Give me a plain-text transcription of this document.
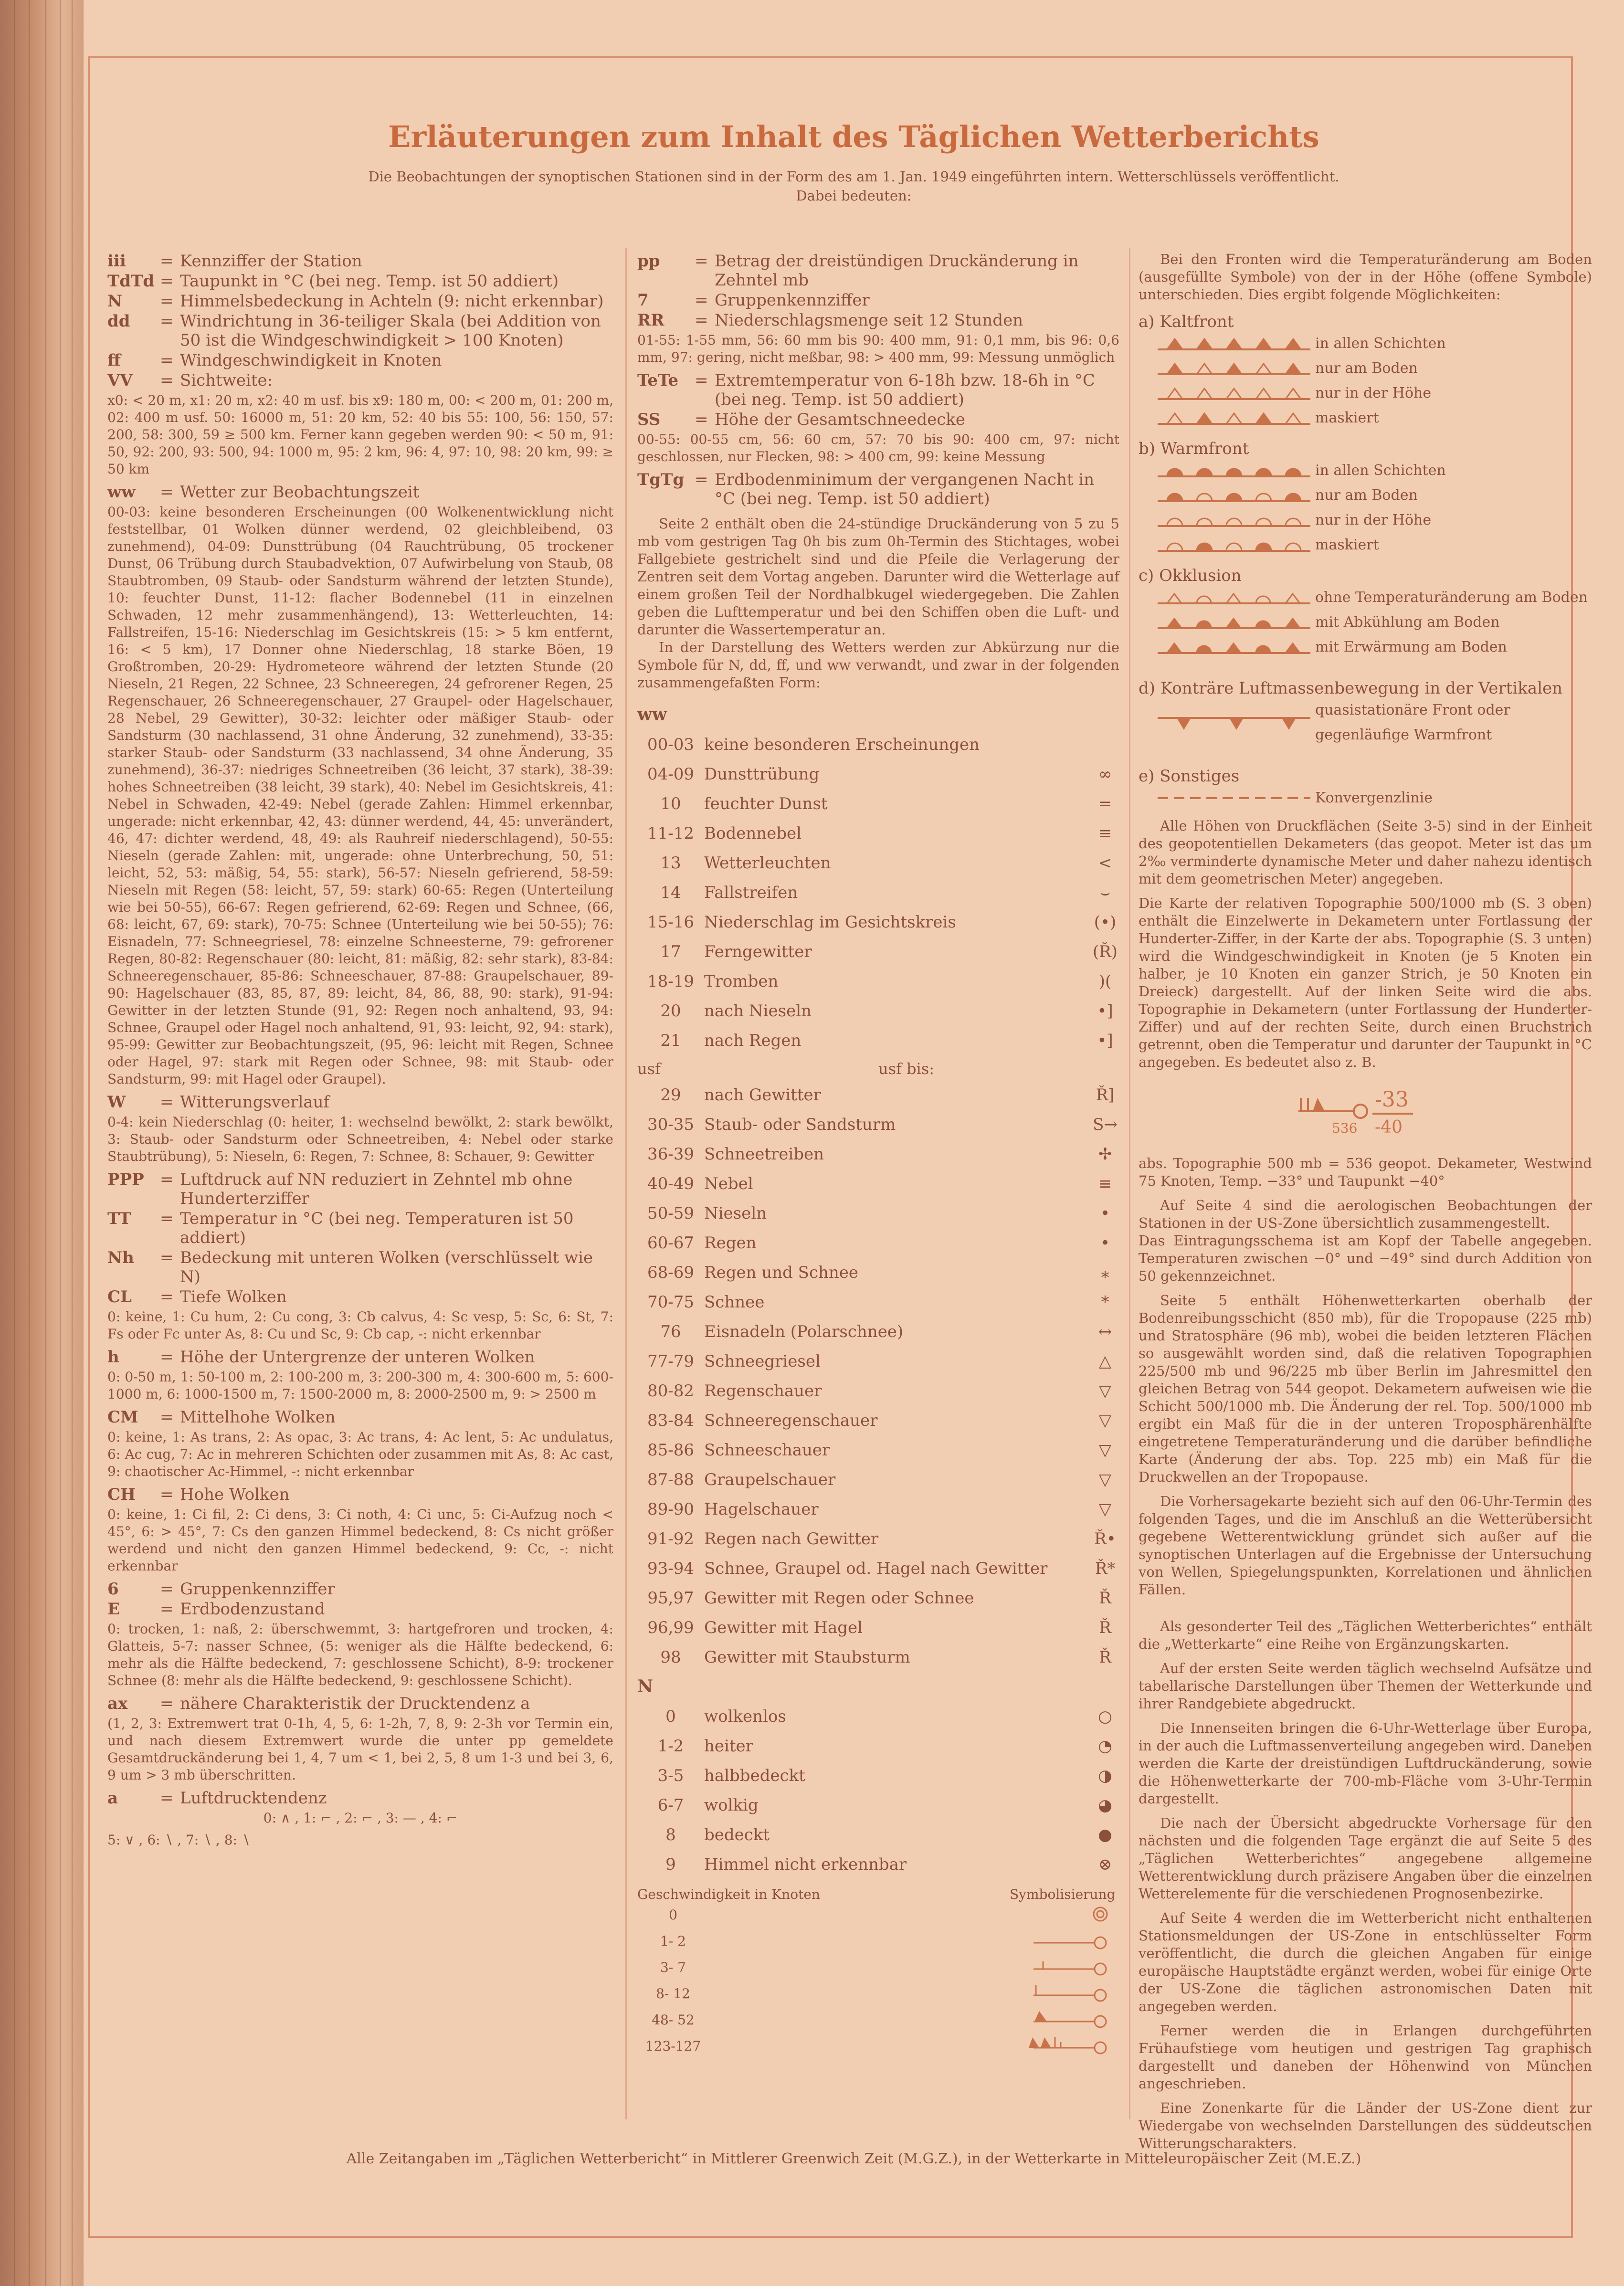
Erläuterungen zum Inhalt des Täglichen Wetterberichts
Die Beobachtungen der synoptischen Stationen sind in der Form des am 1. Jan. 1949 eingeführten intern. Wetterschlüssels veröffentlicht.
Dabei bedeuten:
iii	= Kennziffer der Station
TdTd = Taupunkt in °C (bei neg. Temp. ist 50 addiert)
N	= Himmelsbedeckung in Achteln (9: nicht erkennbar)
dd	= Windrichtung in 36-teiliger Skala (bei Addition von 50 ist die Windgeschwindigkeit > 100 Knoten)
ff	= Windgeschwindigkeit in Knoten
VV	= Sichtweite:
x0: < 20 m, x1: 20 m, x2: 40 m usf. bis x9: 180 m, 00: < 200 m, 01: 200 m, 02: 400 m usf. 50: 16000 m, 51: 20 km, 52: 40 bis 55: 100, 56: 150, 57: 200, 58: 300, 59 ≥ 500 km. Ferner kann gegeben werden 90: < 50 m, 91: 50, 92: 200, 93: 500, 94: 1000 m, 95: 2 km, 96: 4, 97: 10, 98: 20 km, 99: ≥ 50 km
ww	= Wetter zur Beobachtungszeit
00-03: keine besonderen Erscheinungen (00 Wolkenentwicklung nicht feststellbar, 01 Wolken dünner werdend, 02 gleichbleibend, 03 zunehmend), 04-09: Dunsttrübung (04 Rauchtrübung, 05 trockener Dunst, 06 Trübung durch Staubadvektion, 07 Aufwirbelung von Staub, 08 Staubtromben, 09 Staub- oder Sandsturm während der letzten Stunde), 10: feuchter Dunst, 11-12: flacher Bodennebel (11 in einzelnen Schwaden, 12 mehr zusammenhängend), 13: Wetterleuchten, 14: Fallstreifen, 15-16: Niederschlag im Gesichtskreis (15: > 5 km entfernt, 16: < 5 km), 17 Donner ohne Niederschlag, 18 starke Böen, 19 Großtromben, 20-29: Hydrometeore während der letzten Stunde (20 Nieseln, 21 Regen, 22 Schnee, 23 Schneeregen, 24 gefrorener Regen, 25 Regenschauer, 26 Schneeregenschauer, 27 Graupel- oder Hagelschauer, 28 Nebel, 29 Gewitter), 30-32: leichter oder mäßiger Staub- oder Sandsturm (30 nachlassend, 31 ohne Änderung, 32 zunehmend), 33-35: starker Staub- oder Sandsturm (33 nachlassend, 34 ohne Änderung, 35 zunehmend), 36-37: niedriges Schneetreiben (36 leicht, 37 stark), 38-39: hohes Schneetreiben (38 leicht, 39 stark), 40: Nebel im Gesichtskreis, 41: Nebel in Schwaden, 42-49: Nebel (gerade Zahlen: Himmel erkennbar, ungerade: nicht erkennbar, 42, 43: dünner werdend, 44, 45: unverändert, 46, 47: dichter werdend, 48, 49: als Rauhreif niederschlagend), 50-55: Nieseln (gerade Zahlen: mit, ungerade: ohne Unterbrechung, 50, 51: leicht, 52, 53: mäßig, 54, 55: stark), 56-57: Nieseln gefrierend, 58-59: Nieseln mit Regen (58: leicht, 57, 59: stark) 60-65: Regen (Unterteilung wie bei 50-55), 66-67: Regen gefrierend, 62-69: Regen und Schnee, (66, 68: leicht, 67, 69: stark), 70-75: Schnee (Unterteilung wie bei 50-55); 76: Eisnadeln, 77: Schneegriesel, 78: einzelne Schneesterne, 79: gefrorener Regen, 80-82: Regenschauer (80: leicht, 81: mäßig, 82: sehr stark), 83-84: Schneeregenschauer, 85-86: Schneeschauer, 87-88: Graupelschauer, 89-90: Hagelschauer (83, 85, 87, 89: leicht, 84, 86, 88, 90: stark), 91-94: Gewitter in der letzten Stunde (91, 92: Regen noch anhaltend, 93, 94: Schnee, Graupel oder Hagel noch anhaltend, 91, 93: leicht, 92, 94: stark), 95-99: Gewitter zur Beobachtungszeit, (95, 96: leicht mit Regen, Schnee oder Hagel, 97: stark mit Regen oder Schnee, 98: mit Staub- oder Sandsturm, 99: mit Hagel oder Graupel).
W	= Witterungsverlauf
0-4: kein Niederschlag (0: heiter, 1: wechselnd bewölkt, 2: stark bewölkt, 3: Staub- oder Sandsturm oder Schneetreiben, 4: Nebel oder starke Staubtrübung), 5: Nieseln, 6: Regen, 7: Schnee, 8: Schauer, 9: Gewitter
PPP = Luftdruck auf NN reduziert in Zehntel mb ohne Hunderterziffer
TT	= Temperatur in °C (bei neg. Temperaturen ist 50 addiert)
Nh	= Bedeckung mit unteren Wolken (verschlüsselt wie N)
CL	= Tiefe Wolken
0: keine, 1: Cu hum, 2: Cu cong, 3: Cb calvus, 4: Sc vesp, 5: Sc, 6: St, 7: Fs oder Fc unter As, 8: Cu und Sc, 9: Cb cap, -: nicht erkennbar
h	= Höhe der Untergrenze der unteren Wolken
0: 0-50 m, 1: 50-100 m, 2: 100-200 m, 3: 200-300 m, 4: 300-600 m, 5: 600-1000 m, 6: 1000-1500 m, 7: 1500-2000 m, 8: 2000-2500 m, 9: > 2500 m
CM	= Mittelhohe Wolken
0: keine, 1: As trans, 2: As opac, 3: Ac trans, 4: Ac lent, 5: Ac undulatus, 6: Ac cug, 7: Ac in mehreren Schichten oder zusammen mit As, 8: Ac cast, 9: chaotischer Ac-Himmel, -: nicht erkennbar
CH	= Hohe Wolken
0: keine, 1: Ci fil, 2: Ci dens, 3: Ci noth, 4: Ci unc, 5: Ci-Aufzug noch < 45°, 6: > 45°, 7: Cs den ganzen Himmel bedeckend, 8: Cs nicht größer werdend und nicht den ganzen Himmel bedeckend, 9: Cc, -: nicht erkennbar
6	= Gruppenkennziffer
E	= Erdbodenzustand
0: trocken, 1: naß, 2: überschwemmt, 3: hartgefroren und trocken, 4: Glatteis, 5-7: nasser Schnee, (5: weniger als die Hälfte bedeckend, 6: mehr als die Hälfte bedeckend, 7: geschlossene Schicht), 8-9: trockener Schnee (8: mehr als die Hälfte bedeckend, 9: geschlossene Schicht).
ax	= nähere Charakteristik der Drucktendenz a
(1, 2, 3: Extremwert trat 0-1h, 4, 5, 6: 1-2h, 7, 8, 9: 2-3h vor Termin ein, und nach diesem Extremwert wurde die unter pp gemeldete Gesamtdruckänderung bei 1, 4, 7 um < 1, bei 2, 5, 8 um 1-3 und bei 3, 6, 9 um > 3 mb überschritten.
a	= Luftdrucktendenz
0: ∧ , 1: ⌐ , 2: ⌐ , 3: — , 4: ⌐
5: ∨ , 6: ∖ , 7: ∖ , 8: ∖
pp	= Betrag der dreistündigen Druckänderung in Zehntel mb
7	= Gruppenkennziffer
RR	= Niederschlagsmenge seit 12 Stunden
01-55: 1-55 mm, 56: 60 mm bis 90: 400 mm, 91: 0,1 mm, bis 96: 0,6 mm, 97: gering, nicht meßbar, 98: > 400 mm, 99: Messung unmöglich
TeTe = Extremtemperatur von 6-18h bzw. 18-6h in °C (bei neg. Temp. ist 50 addiert)
SS	= Höhe der Gesamtschneedecke
00-55: 00-55 cm, 56: 60 cm, 57: 70 bis 90: 400 cm, 97: nicht geschlossen, nur Flecken, 98: > 400 cm, 99: keine Messung
TgTg = Erdbodenminimum der vergangenen Nacht in °C (bei neg. Temp. ist 50 addiert)
Seite 2 enthält oben die 24-stündige Druckänderung von 5 zu 5 mb vom gestrigen Tag 0h bis zum 0h-Termin des Stichtages, wobei Fallgebiete gestrichelt sind und die Pfeile die Verlagerung der Zentren seit dem Vortag angeben. Darunter wird die Wetterlage auf einem großen Teil der Nordhalbkugel wiedergegeben. Die Zahlen geben die Lufttemperatur und bei den Schiffen oben die Luft- und darunter die Wassertemperatur an.
In der Darstellung des Wetters werden zur Abkürzung nur die Symbole für N, dd, ff, und ww verwandt, und zwar in der folgenden zusammengefaßten Form:
ww
00-03 keine besonderen Erscheinungen
04-09 Dunsttrübung	∞
10	feuchter Dunst	=
11-12 Bodennebel	≡
13	Wetterleuchten	<
14	Fallstreifen	⌣
15-16 Niederschlag im Gesichtskreis	(•)
17	Ferngewitter	(Ř)
18-19 Tromben	)(
20	nach Nieseln	•]
21	nach Regen	•]
usf	usf bis:
29	nach Gewitter	Ř]
30-35 Staub- oder Sandsturm	S→
36-39 Schneetreiben	✢
40-49 Nebel	≡
50-59 Nieseln	•
60-67 Regen	•
68-69 Regen und Schnee	⁎
70-75 Schnee	*
76	Eisnadeln (Polarschnee)	↔
77-79 Schneegriesel	△
80-82 Regenschauer	▽
83-84 Schneeregenschauer	▽
85-86 Schneeschauer	▽
87-88 Graupelschauer	▽
89-90 Hagelschauer	▽
91-92 Regen nach Gewitter	Ř•
93-94 Schnee, Graupel od. Hagel nach Gewitter	Ř*
95,97 Gewitter mit Regen oder Schnee	Ř
96,99 Gewitter mit Hagel	Ř
98	Gewitter mit Staubsturm	Ř
N
0	wolkenlos	○
1-2	heiter	◔
3-5	halbbedeckt	◑
6-7	wolkig	◕
8	bedeckt	●
9	Himmel nicht erkennbar	⊗
Geschwindigkeit in Knoten	Symbolisierung
0
1- 2
3- 7
8- 12
48- 52
123-127
Bei den Fronten wird die Temperaturänderung am Boden (ausgefüllte Symbole) von der in der Höhe (offene Symbole) unterschieden. Dies ergibt folgende Möglichkeiten:
a) Kaltfront
in allen Schichten
nur am Boden
nur in der Höhe
maskiert
b) Warmfront
in allen Schichten
nur am Boden
nur in der Höhe
maskiert
c) Okklusion
ohne Temperaturänderung am Boden
mit Abkühlung am Boden
mit Erwärmung am Boden
d) Konträre Luftmassenbewegung in der Vertikalen
quasistationäre Front oder gegenläufige Warmfront
e) Sonstiges
Konvergenzlinie
Alle Höhen von Druckflächen (Seite 3-5) sind in der Einheit des geopotentiellen Dekameters (das geopot. Meter ist das um 2‰ verminderte dynamische Meter und daher nahezu identisch mit dem geometrischen Meter) angegeben.
Die Karte der relativen Topographie 500/1000 mb (S. 3 oben) enthält die Einzelwerte in Dekametern unter Fortlassung der Hunderter-Ziffer, in der Karte der abs. Topographie (S. 3 unten) wird die Windgeschwindigkeit in Knoten (je 5 Knoten ein halber, je 10 Knoten ein ganzer Strich, je 50 Knoten ein Dreieck) dargestellt. Auf der linken Seite wird die abs. Topographie in Dekametern (unter Fortlassung der Hunderter-Ziffer) und auf der rechten Seite, durch einen Bruchstrich getrennt, oben die Temperatur und darunter der Taupunkt in °C angegeben. Es bedeutet also z. B.
536
-33
-40
abs. Topographie 500 mb = 536 geopot. Dekameter, Westwind 75 Knoten, Temp. −33° und Taupunkt −40°
Auf Seite 4 sind die aerologischen Beobachtungen der Stationen in der US-Zone übersichtlich zusammengestellt.
Das Eintragungsschema ist am Kopf der Tabelle angegeben. Temperaturen zwischen −0° und −49° sind durch Addition von 50 gekennzeichnet.
Seite 5 enthält Höhenwetterkarten oberhalb der Bodenreibungsschicht (850 mb), für die Tropopause (225 mb) und Stratosphäre (96 mb), wobei die beiden letzteren Flächen so ausgewählt worden sind, daß die relativen Topographien 225/500 mb und 96/225 mb über Berlin im Jahresmittel den gleichen Betrag von 544 geopot. Dekametern aufweisen wie die Schicht 500/1000 mb. Die Änderung der rel. Top. 500/1000 mb ergibt ein Maß für die in der unteren Troposphärenhälfte eingetretene Temperaturänderung und die darüber befindliche Karte (Änderung der abs. Top. 225 mb) ein Maß für die Druckwellen an der Tropopause.
Die Vorhersagekarte bezieht sich auf den 06-Uhr-Termin des folgenden Tages, und die im Anschluß an die Wetterübersicht gegebene Wetterentwicklung gründet sich außer auf die synoptischen Unterlagen auf die Ergebnisse der Untersuchung von Wellen, Spiegelungspunkten, Korrelationen und ähnlichen Fällen.
Als gesonderter Teil des „Täglichen Wetterberichtes“ enthält die „Wetterkarte“ eine Reihe von Ergänzungskarten.
Auf der ersten Seite werden täglich wechselnd Aufsätze und tabellarische Darstellungen über Themen der Wetterkunde und ihrer Randgebiete abgedruckt.
Die Innenseiten bringen die 6-Uhr-Wetterlage über Europa, in der auch die Luftmassenverteilung angegeben wird. Daneben werden die Karte der dreistündigen Luftdruckänderung, sowie die Höhenwetterkarte der 700-mb-Fläche vom 3-Uhr-Termin dargestellt.
Die nach der Übersicht abgedruckte Vorhersage für den nächsten und die folgenden Tage ergänzt die auf Seite 5 des „Täglichen Wetterberichtes“ angegebene allgemeine Wetterentwicklung durch präzisere Angaben über die einzelnen Wetterelemente für die verschiedenen Prognosenbezirke.
Auf Seite 4 werden die im Wetterbericht nicht enthaltenen Stationsmeldungen der US-Zone in entschlüsselter Form veröffentlicht, die durch die gleichen Angaben für einige europäische Hauptstädte ergänzt werden, wobei für einige Orte der US-Zone die täglichen astronomischen Daten mit angegeben werden.
Ferner werden die in Erlangen durchgeführten Frühaufstiege vom heutigen und gestrigen Tag graphisch dargestellt und daneben der Höhenwind von München angeschrieben.
Eine Zonenkarte für die Länder der US-Zone dient zur Wiedergabe von wechselnden Darstellungen des süddeutschen Witterungscharakters.
Alle Zeitangaben im „Täglichen Wetterbericht“ in Mittlerer Greenwich Zeit (M.G.Z.), in der Wetterkarte in Mitteleuropäischer Zeit (M.E.Z.)
